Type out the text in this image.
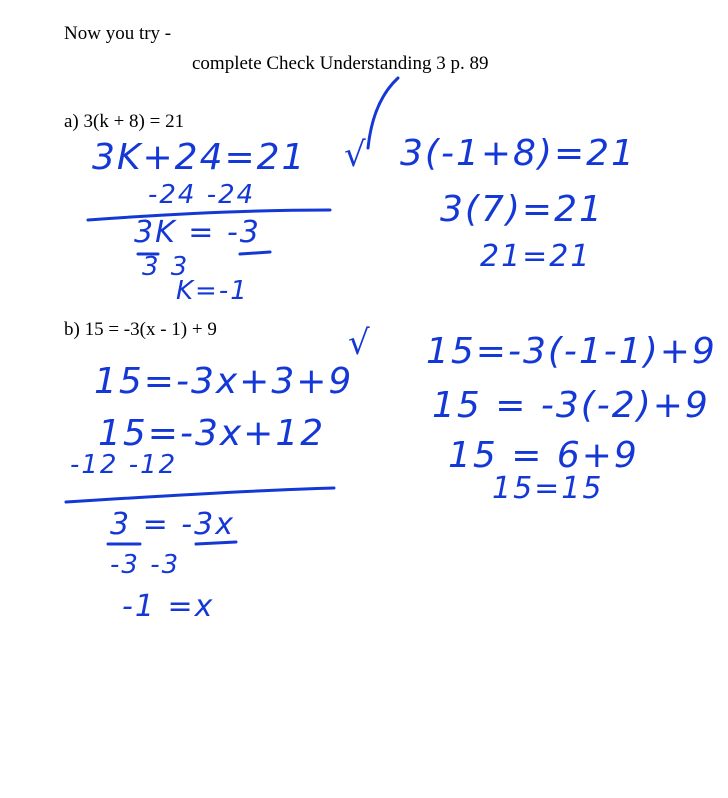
Now you try -
complete Check Understanding 3 p. 89
a) 3(k + 8) = 21
b) 15 = -3(x - 1) + 9
3K+24=21
-24 -24
3K = -3
3 3
K=-1
√ 3(-1+8)=21
3(7)=21
21=21
15=-3x+3+9
15=-3x+12
-12 -12
3 = -3x
-3 -3
-1 =x
√ 15=-3(-1-1)+9
15 = -3(-2)+9
15 = 6+9
15=15
